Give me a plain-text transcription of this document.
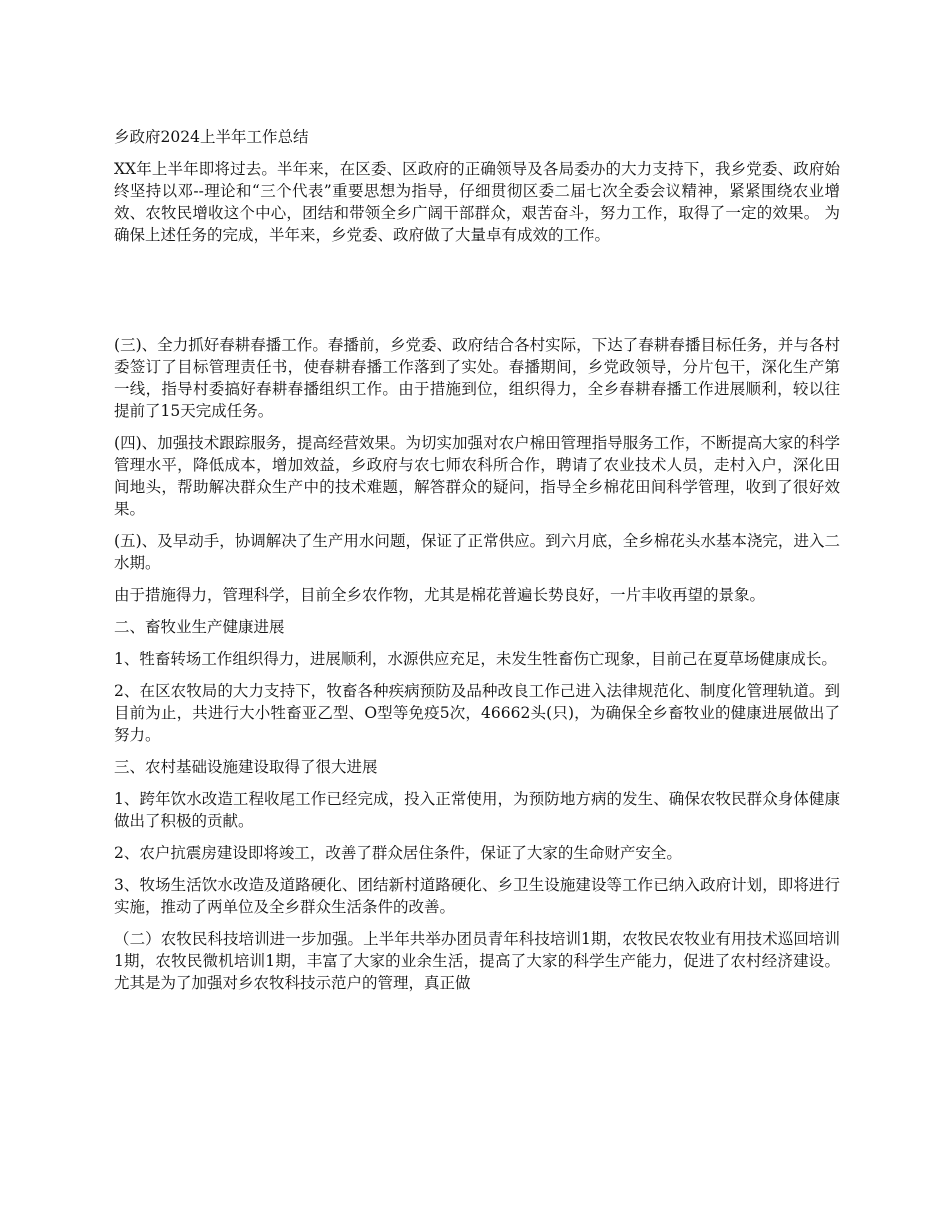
乡政府2024上半年工作总结

XX年上半年即将过去。半年来，在区委、区政府的正确领导及各局委办的大力支持下，我乡党委、政府始终坚持以邓--理论和“三个代表”重要思想为指导，仔细贯彻区委二届七次全委会议精神，紧紧围绕农业增效、农牧民增收这个中心，团结和带领全乡广阔干部群众，艰苦奋斗，努力工作，取得了一定的效果。 为确保上述任务的完成，半年来，乡党委、政府做了大量卓有成效的工作。

(三)、全力抓好春耕春播工作。春播前，乡党委、政府结合各村实际，下达了春耕春播目标任务，并与各村委签订了目标管理责任书，使春耕春播工作落到了实处。春播期间，乡党政领导，分片包干，深化生产第一线，指导村委搞好春耕春播组织工作。由于措施到位，组织得力，全乡春耕春播工作进展顺利，较以往提前了15天完成任务。

(四)、加强技术跟踪服务，提高经营效果。为切实加强对农户棉田管理指导服务工作，不断提高大家的科学管理水平，降低成本，增加效益，乡政府与农七师农科所合作，聘请了农业技术人员，走村入户，深化田间地头，帮助解决群众生产中的技术难题，解答群众的疑问，指导全乡棉花田间科学管理，收到了很好效果。

(五)、及早动手，协调解决了生产用水问题，保证了正常供应。到六月底，全乡棉花头水基本浇完，进入二水期。

由于措施得力，管理科学，目前全乡农作物，尤其是棉花普遍长势良好，一片丰收再望的景象。

二、畜牧业生产健康进展

1、牲畜转场工作组织得力，进展顺利，水源供应充足，未发生牲畜伤亡现象，目前己在夏草场健康成长。

2、在区农牧局的大力支持下，牧畜各种疾病预防及品种改良工作己进入法律规范化、制度化管理轨道。到目前为止，共进行大小牲畜亚乙型、O型等免疫5次，46662头(只)，为确保全乡畜牧业的健康进展做出了努力。

三、农村基础设施建设取得了很大进展

1、跨年饮水改造工程收尾工作已经完成，投入正常使用，为预防地方病的发生、确保农牧民群众身体健康做出了积极的贡献。

2、农户抗震房建设即将竣工，改善了群众居住条件，保证了大家的生命财产安全。

3、牧场生活饮水改造及道路硬化、团结新村道路硬化、乡卫生设施建设等工作已纳入政府计划，即将进行实施，推动了两单位及全乡群众生活条件的改善。

（二）农牧民科技培训进一步加强。上半年共举办团员青年科技培训1期，农牧民农牧业有用技术巡回培训1期，农牧民微机培训1期，丰富了大家的业余生活，提高了大家的科学生产能力，促进了农村经济建设。尤其是为了加强对乡农牧科技示范户的管理，真正做
